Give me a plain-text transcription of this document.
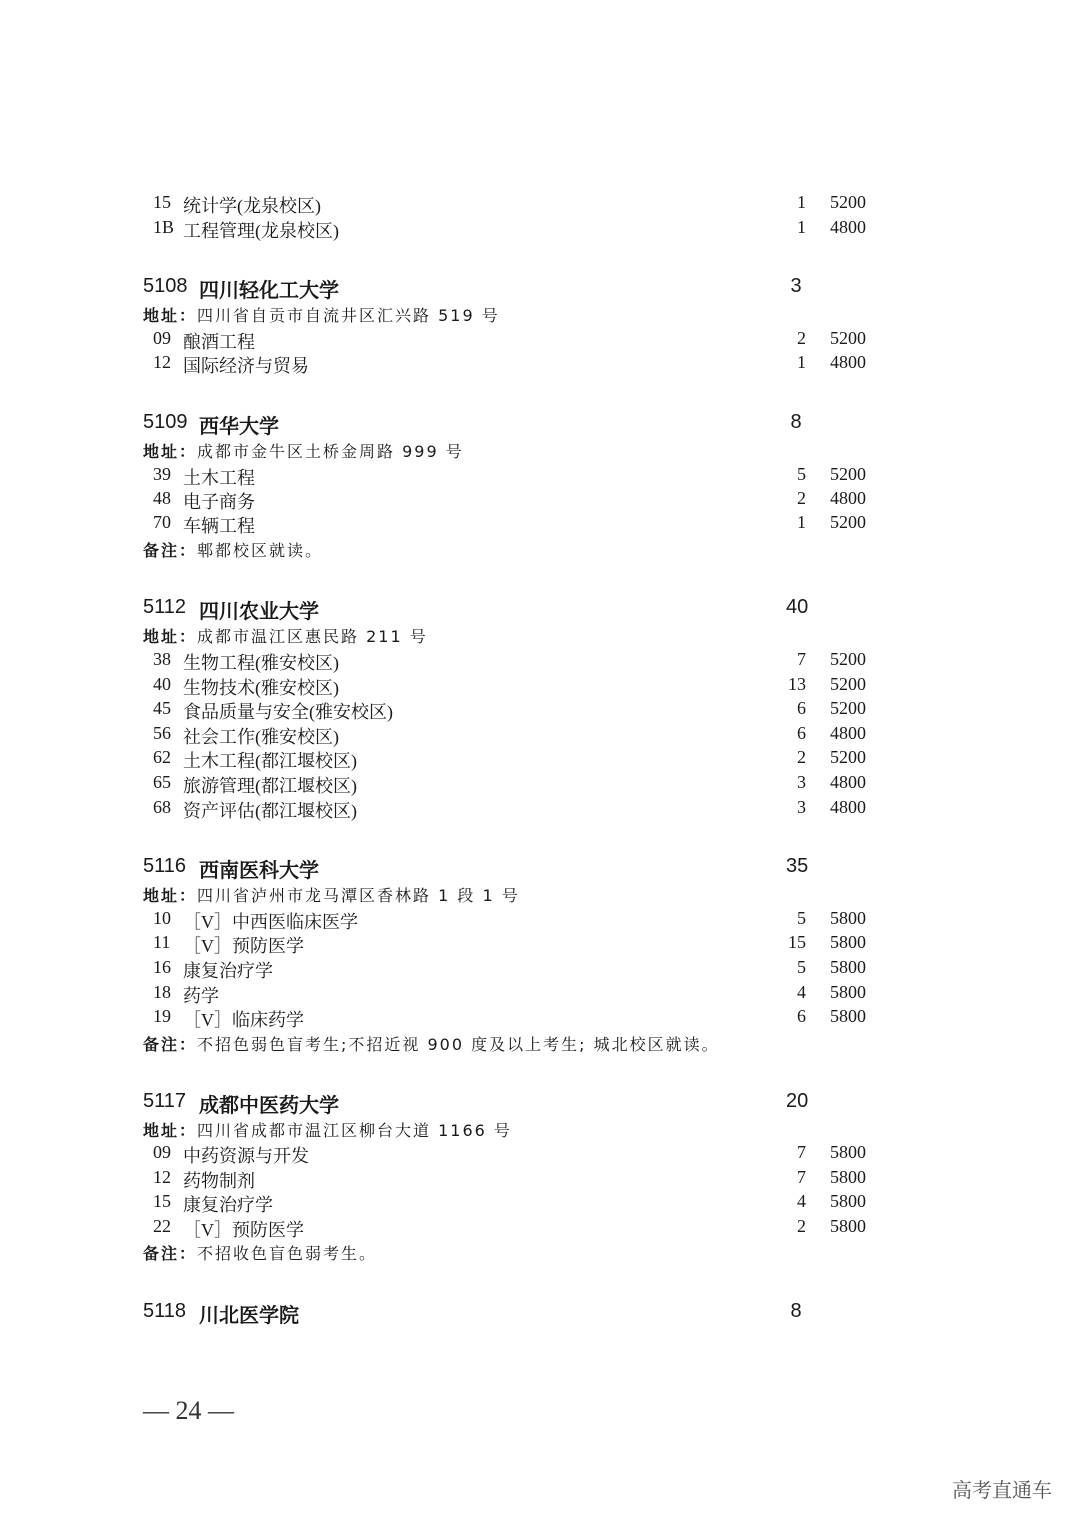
15 统计学(龙泉校区)	1 5200
1B 工程管理(龙泉校区)	1 4800
5108 四川轻化工大学	3
地址：四川省自贡市自流井区汇兴路 519 号
09 酿酒工程	2 5200
12 国际经济与贸易	1 4800
5109 西华大学	8
地址：成都市金牛区土桥金周路 999 号
39 土木工程	5 5200
48 电子商务	2 4800
70 车辆工程	1 5200
备注：郫都校区就读。
5112 四川农业大学	40
地址：成都市温江区惠民路 211 号
38 生物工程(雅安校区)	7 5200
40 生物技术(雅安校区)	13 5200
45 食品质量与安全(雅安校区)	6 5200
56 社会工作(雅安校区)	6 4800
62 土木工程(都江堰校区)	2 5200
65 旅游管理(都江堰校区)	3 4800
68 资产评估(都江堰校区)	3 4800
5116 西南医科大学	35
地址：四川省泸州市龙马潭区香林路 1 段 1 号
10 ［V］中西医临床医学	5 5800
11 ［V］预防医学	15 5800
16 康复治疗学	5 5800
18 药学	4 5800
19 ［V］临床药学	6 5800
备注：不招色弱色盲考生;不招近视 900 度及以上考生; 城北校区就读。
5117 成都中医药大学	20
地址：四川省成都市温江区柳台大道 1166 号
09 中药资源与开发	7 5800
12 药物制剂	7 5800
15 康复治疗学	4 5800
22 ［V］预防医学	2 5800
备注：不招收色盲色弱考生。
5118 川北医学院	8
— 24 —
高考直通车
